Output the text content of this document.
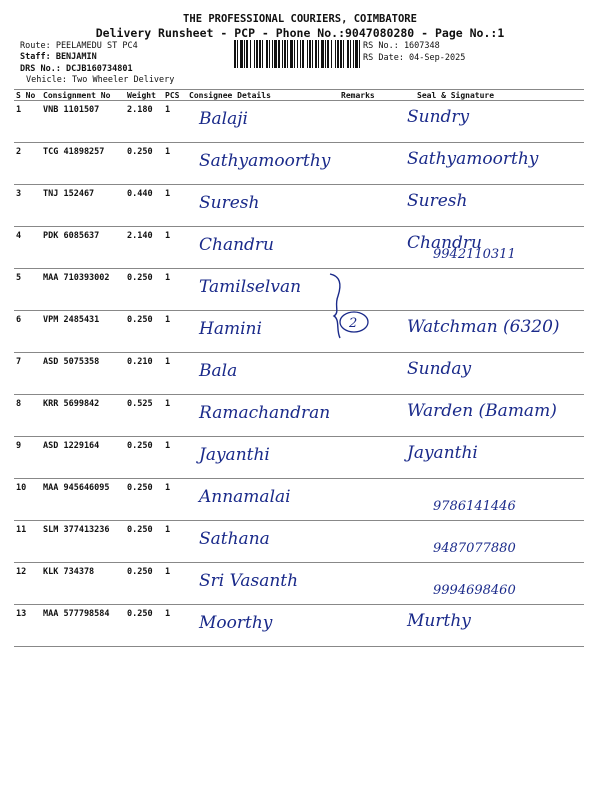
THE PROFESSIONAL COURIERS, COIMBATORE
Delivery Runsheet - PCP - Phone No.:9047080280 - Page No.:1
Route: PEELAMEDU ST PC4
Staff: BENJAMIN
DRS No.: DCJB160734801
Vehicle: Two Wheeler Delivery
RS No.: 1607348
RS Date: 04-Sep-2025
S No	Consignment No	Weight	PCS	Consignee Details	Remarks	Seal & Signature
1	VNB 1101507	2.180	1	Balaji		Sundry

2	TCG 41898257	0.250	1	Sathyamoorthy		Sathyamoorthy

3	TNJ 152467	0.440	1	Suresh		Suresh

4	PDK 6085637	2.140	1	Chandru		Chandru
9942110311

5	MAA 710393002	0.250	1	Tamilselvan		

6	VPM 2485431	0.250	1	Hamini		Watchman (6320)

7	ASD 5075358	0.210	1	Bala		Sunday

8	KRR 5699842	0.525	1	Ramachandran		Warden (Bamam)

9	ASD 1229164	0.250	1	Jayanthi		Jayanthi

10	MAA 945646095	0.250	1	Annamalai		9786141446

11	SLM 377413236	0.250	1	Sathana		9487077880

12	KLK 734378	0.250	1	Sri Vasanth		9994698460

13	MAA 577798584	0.250	1	Moorthy		Murthy
2
